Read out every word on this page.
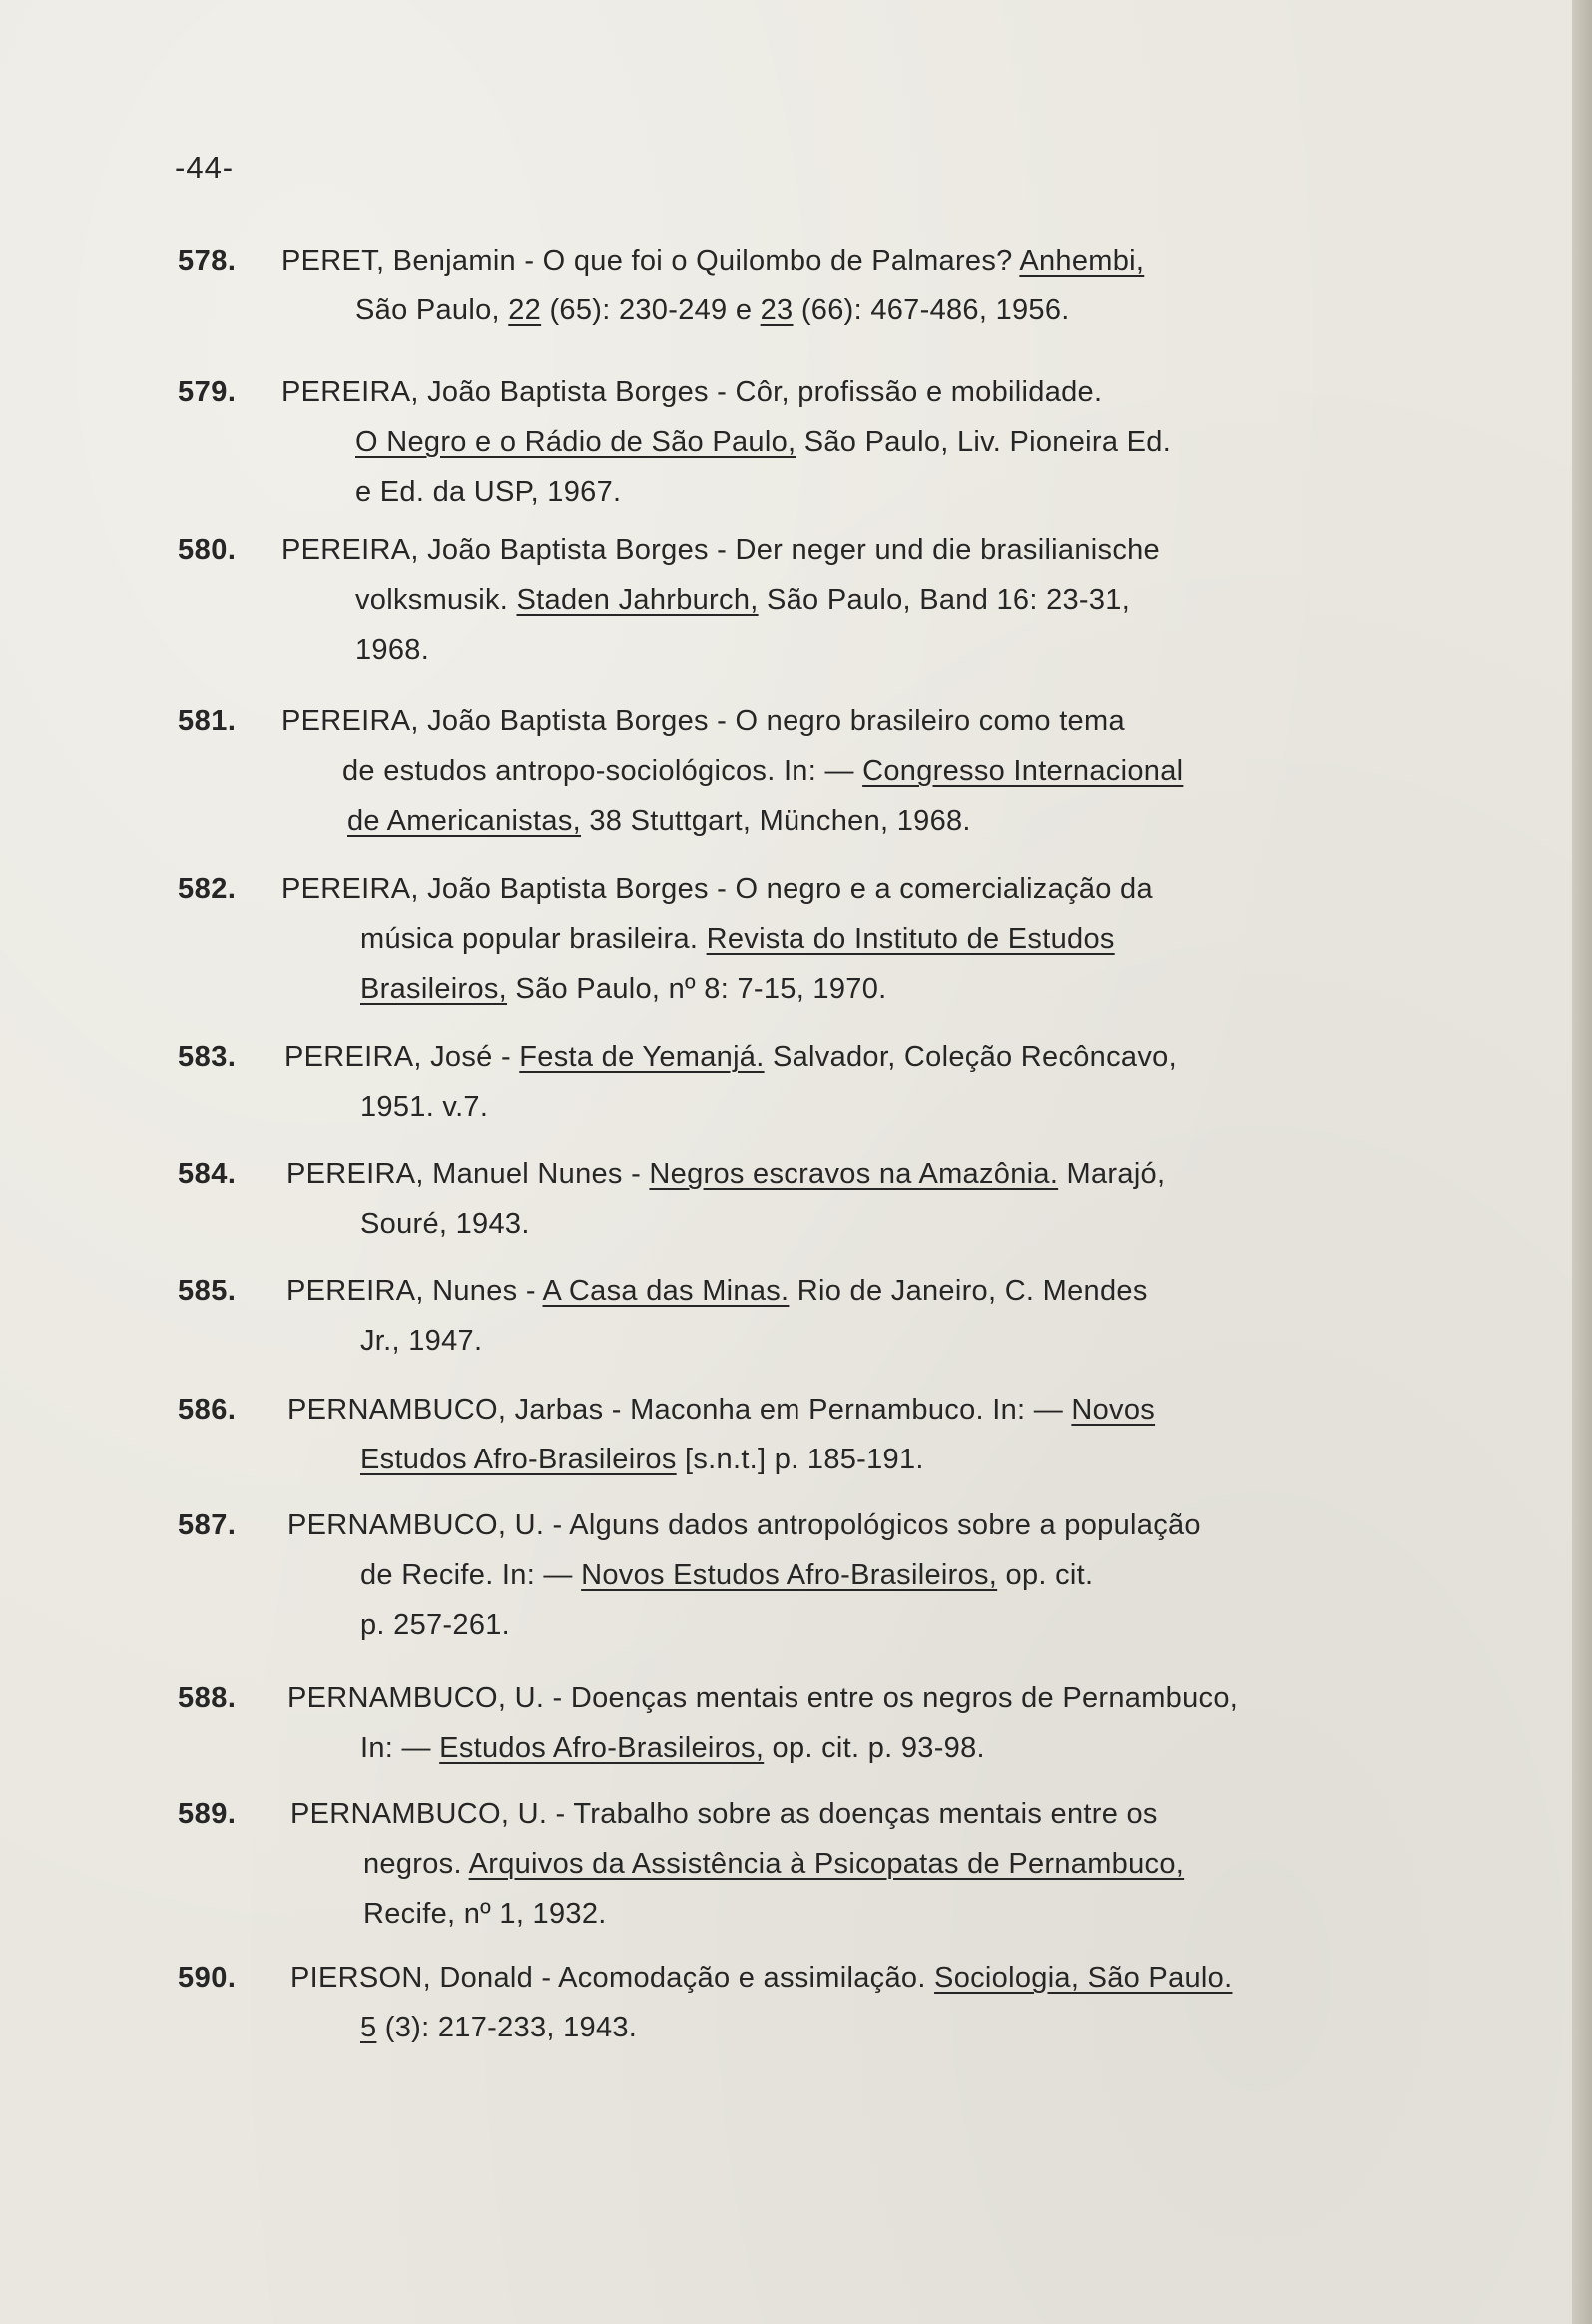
-44-
578. PERET, Benjamin - O que foi o Quilombo de Palmares? Anhembi,
São Paulo, 22 (65): 230-249 e 23 (66): 467-486, 1956.
579. PEREIRA, João Baptista Borges - Côr, profissão e mobilidade.
O Negro e o Rádio de São Paulo, São Paulo, Liv. Pioneira Ed.
e Ed. da USP, 1967.
580. PEREIRA, João Baptista Borges - Der neger und die brasilianische
volksmusik. Staden Jahrburch, São Paulo, Band 16: 23-31,
1968.
581. PEREIRA, João Baptista Borges - O negro brasileiro como tema
de estudos antropo-sociológicos. In: — Congresso Internacional
de Americanistas, 38 Stuttgart, München, 1968.
582. PEREIRA, João Baptista Borges - O negro e a comercialização da
música popular brasileira. Revista do Instituto de Estudos
Brasileiros, São Paulo, nº 8: 7-15, 1970.
583. PEREIRA, José - Festa de Yemanjá. Salvador, Coleção Recôncavo,
1951. v.7.
584. PEREIRA, Manuel Nunes - Negros escravos na Amazônia. Marajó,
Souré, 1943.
585. PEREIRA, Nunes - A Casa das Minas. Rio de Janeiro, C. Mendes
Jr., 1947.
586. PERNAMBUCO, Jarbas - Maconha em Pernambuco. In: — Novos
Estudos Afro-Brasileiros [s.n.t.] p. 185-191.
587. PERNAMBUCO, U. - Alguns dados antropológicos sobre a população
de Recife. In: — Novos Estudos Afro-Brasileiros, op. cit.
p. 257-261.
588. PERNAMBUCO, U. - Doenças mentais entre os negros de Pernambuco,
In: — Estudos Afro-Brasileiros, op. cit. p. 93-98.
589. PERNAMBUCO, U. - Trabalho sobre as doenças mentais entre os
negros. Arquivos da Assistência à Psicopatas de Pernambuco,
Recife, nº 1, 1932.
590. PIERSON, Donald - Acomodação e assimilação. Sociologia, São Paulo.
5 (3): 217-233, 1943.
